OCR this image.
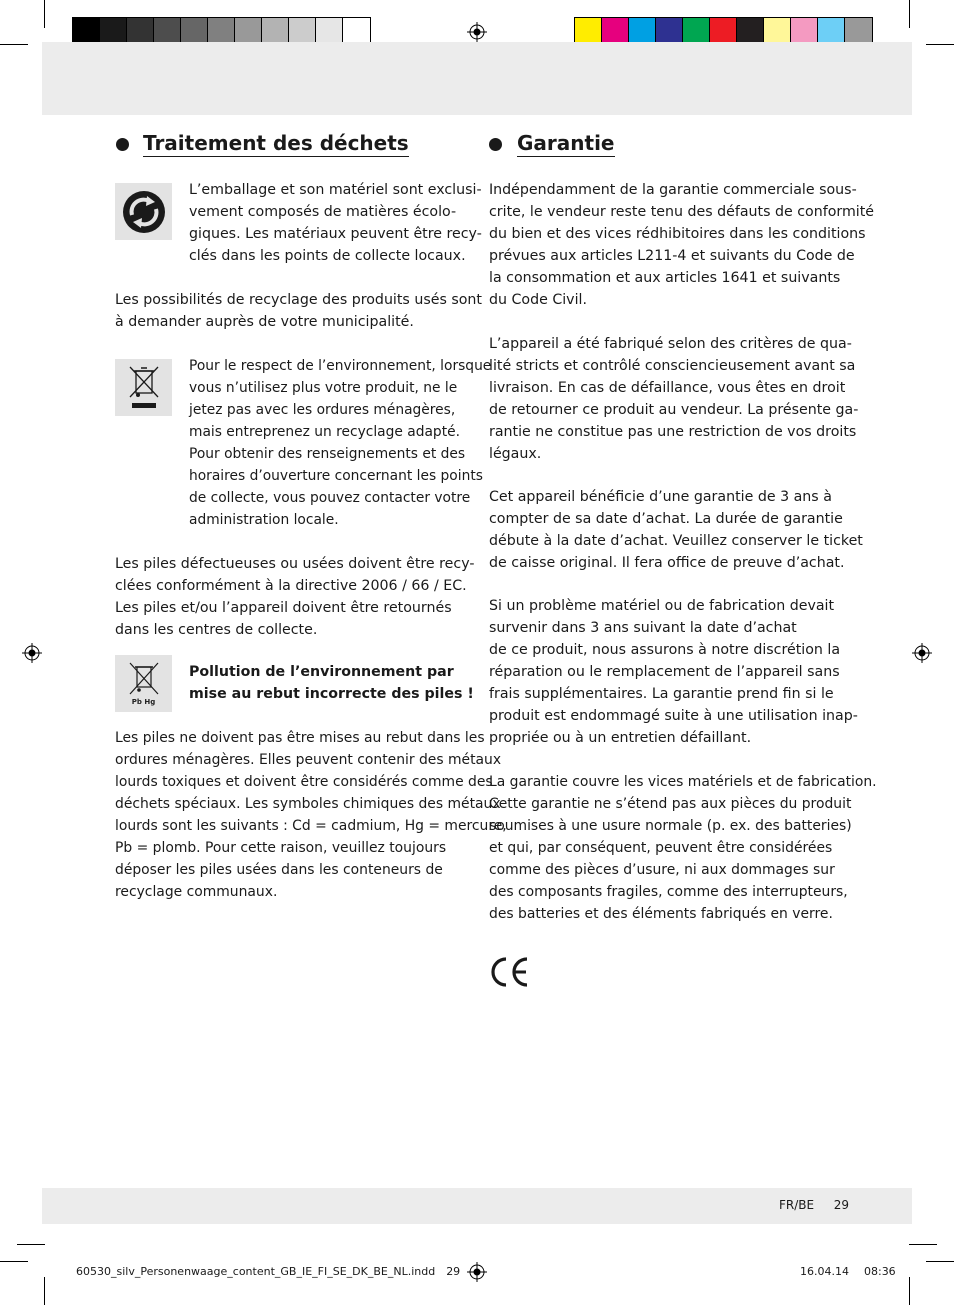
Traitement des déchets
L’emballage et son matériel sont exclusi-
vement composés de matières écolo-
giques. Les matériaux peuvent être recy-
clés dans les points de collecte locaux.
Les possibilités de recyclage des produits usés sont
à demander auprès de votre municipalité.
Pour le respect de l’environnement, lorsque
vous n’utilisez plus votre produit, ne le
jetez pas avec les ordures ménagères,
mais entreprenez un recyclage adapté.
Pour obtenir des renseignements et des
horaires d’ouverture concernant les points
de collecte, vous pouvez contacter votre
administration locale.
Les piles défectueuses ou usées doivent être recy-
clées conformément à la directive 2006 / 66 / EC.
Les piles et/ou l’appareil doivent être retournés
dans les centres de collecte.
Pb Hg
Pollution de l’environnement par
mise au rebut incorrecte des piles !
Les piles ne doivent pas être mises au rebut dans les
ordures ménagères. Elles peuvent contenir des métaux
lourds toxiques et doivent être considérés comme des
déchets spéciaux. Les symboles chimiques des métaux
lourds sont les suivants : Cd = cadmium, Hg = mercure,
Pb = plomb. Pour cette raison, veuillez toujours
déposer les piles usées dans les conteneurs de
recyclage communaux.
Garantie
Indépendamment de la garantie commerciale sous-
crite, le vendeur reste tenu des défauts de conformité
du bien et des vices rédhibitoires dans les conditions
prévues aux articles L211-4 et suivants du Code de
la consommation et aux articles 1641 et suivants
du Code Civil.
L’appareil a été fabriqué selon des critères de qua-
lité stricts et contrôlé consciencieusement avant sa
livraison. En cas de défaillance, vous êtes en droit
de retourner ce produit au vendeur. La présente ga-
rantie ne constitue pas une restriction de vos droits
légaux.
Cet appareil bénéficie d’une garantie de 3 ans à
compter de sa date d’achat. La durée de garantie
débute à la date d’achat. Veuillez conserver le ticket
de caisse original. Il fera office de preuve d’achat.
Si un problème matériel ou de fabrication devait
survenir dans 3 ans suivant la date d’achat
de ce produit, nous assurons à notre discrétion la
réparation ou le remplacement de l’appareil sans
frais supplémentaires. La garantie prend fin si le
produit est endommagé suite à une utilisation inap-
propriée ou à un entretien défaillant.
La garantie couvre les vices matériels et de fabrication.
Cette garantie ne s’étend pas aux pièces du produit
soumises à une usure normale (p. ex. des batteries)
et qui, par conséquent, peuvent être considérées
comme des pièces d’usure, ni aux dommages sur
des composants fragiles, comme des interrupteurs,
des batteries et des éléments fabriqués en verre.
FR/BE 29
60530_silv_Personenwaage_content_GB_IE_FI_SE_DK_BE_NL.indd 29	16.04.14 08:36
